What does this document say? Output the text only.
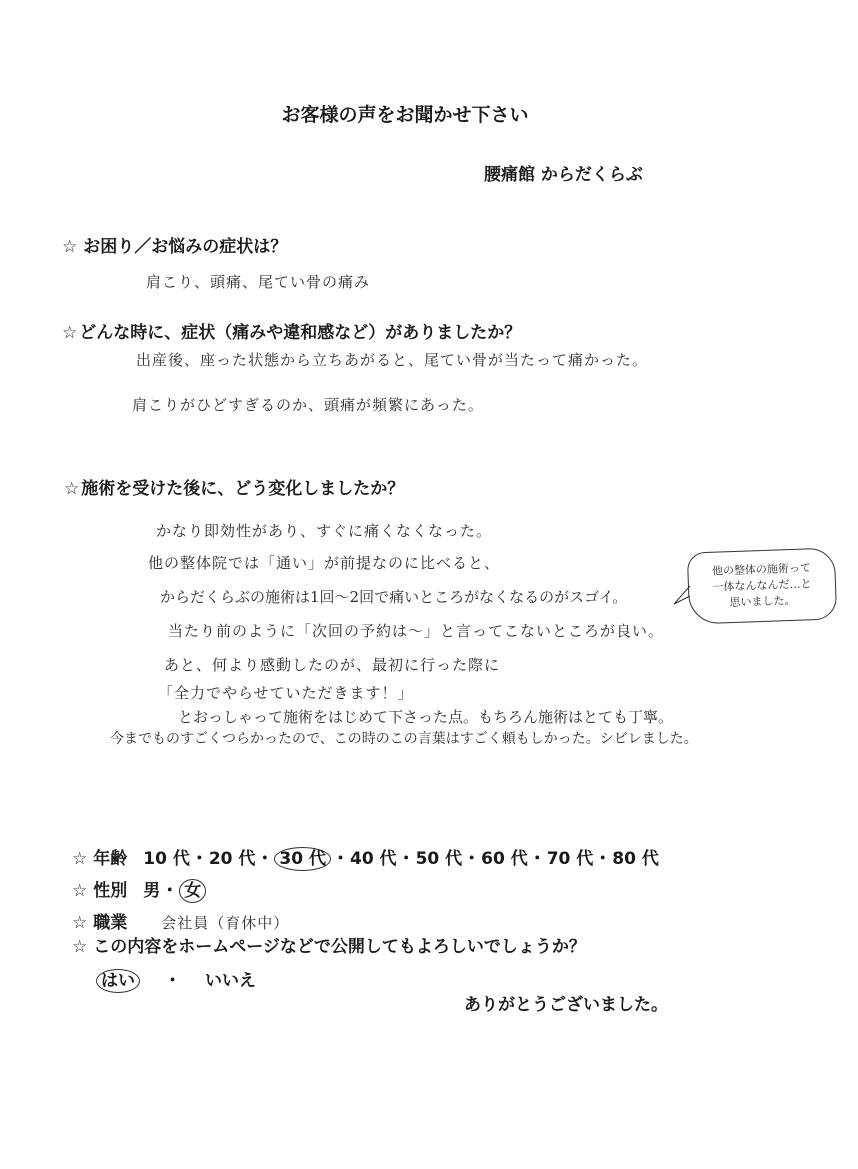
お客様の声をお聞かせ下さい
腰痛館 からだくらぶ
☆ お困り／お悩みの症状は？
肩こり、頭痛、尾てい骨の痛み
☆ どんな時に、症状（痛みや違和感など）がありましたか？
出産後、座った状態から立ちあがると、尾てい骨が当たって痛かった。
肩こりがひどすぎるのか、頭痛が頻繁にあった。
☆ 施術を受けた後に、どう変化しましたか？
かなり即効性があり、すぐに痛くなくなった。
他の整体院では「通い」が前提なのに比べると、
からだくらぶの施術は1回～2回で痛いところがなくなるのがスゴイ。
当たり前のように「次回の予約は～」と言ってこないところが良い。
あと、何より感動したのが、最初に行った際に
「全力でやらせていただきます！」
とおっしゃって施術をはじめて下さった点。もちろん施術はとても丁寧。
今までものすごくつらかったので、この時のこの言葉はすごく頼もしかった。シビレました。
他の整体の施術って
一体なんなんだ…と
思いました。
☆ 年齢 10 代・20 代・ 30 代 ・40 代・50 代・60 代・70 代・80 代
☆ 性別 男・ 女
☆ 職業 会社員（育休中）
☆ この内容をホームページなどで公開してもよろしいでしょうか？
はい ・ いいえ
ありがとうございました。
